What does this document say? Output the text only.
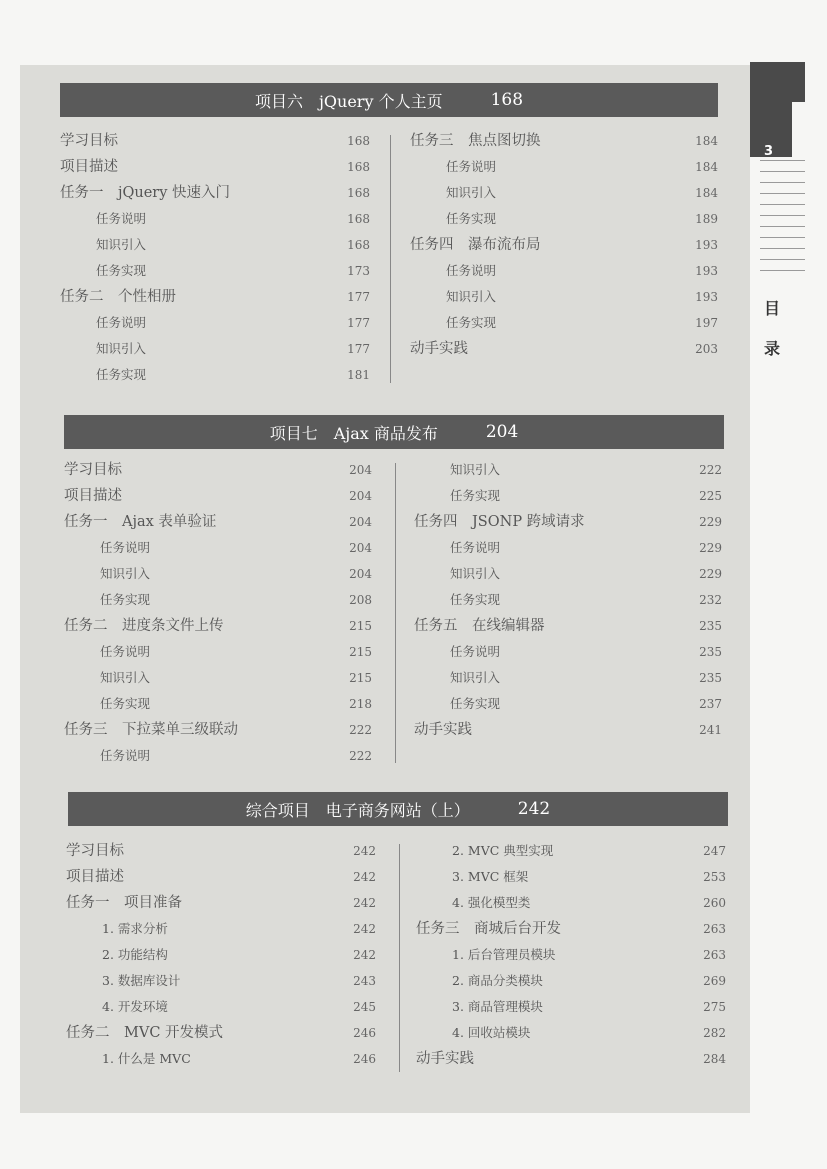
3
目
录
项目六　jQuery 个人主页	168
学习目标	168
项目描述	168
任务一　jQuery 快速入门	168
任务说明	168
知识引入	168
任务实现	173
任务二　个性相册	177
任务说明	177
知识引入	177
任务实现	181
任务三　焦点图切换	184
任务说明	184
知识引入	184
任务实现	189
任务四　瀑布流布局	193
任务说明	193
知识引入	193
任务实现	197
动手实践	203
项目七　Ajax 商品发布	204
学习目标	204
项目描述	204
任务一　Ajax 表单验证	204
任务说明	204
知识引入	204
任务实现	208
任务二　进度条文件上传	215
任务说明	215
知识引入	215
任务实现	218
任务三　下拉菜单三级联动	222
任务说明	222
知识引入	222
任务实现	225
任务四　JSONP 跨域请求	229
任务说明	229
知识引入	229
任务实现	232
任务五　在线编辑器	235
任务说明	235
知识引入	235
任务实现	237
动手实践	241
综合项目　电子商务网站（上）	242
学习目标	242
项目描述	242
任务一　项目准备	242
1. 需求分析	242
2. 功能结构	242
3. 数据库设计	243
4. 开发环境	245
任务二　MVC 开发模式	246
1. 什么是 MVC	246
2. MVC 典型实现	247
3. MVC 框架	253
4. 强化模型类	260
任务三　商城后台开发	263
1. 后台管理员模块	263
2. 商品分类模块	269
3. 商品管理模块	275
4. 回收站模块	282
动手实践	284
